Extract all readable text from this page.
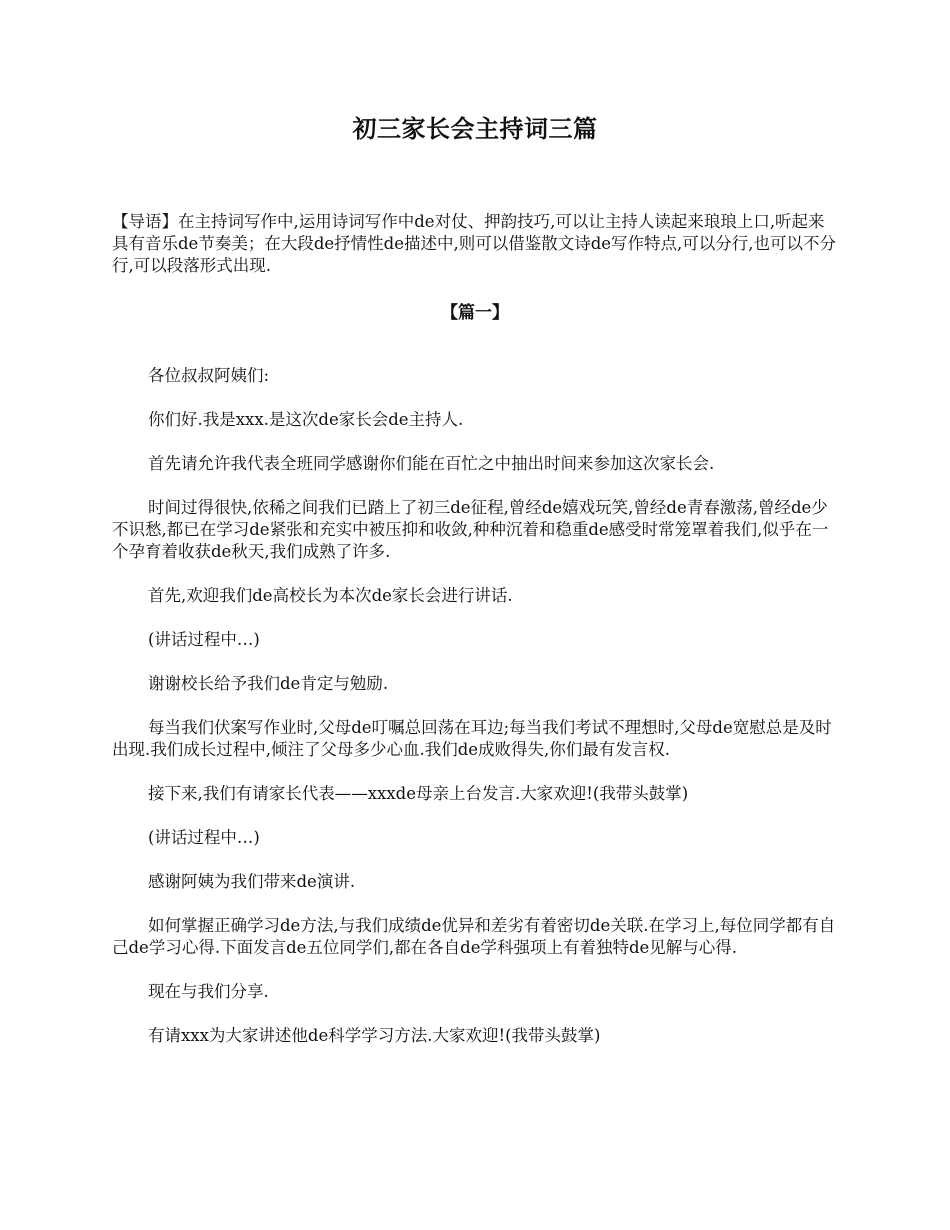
初三家长会主持词三篇

【导语】在主持词写作中,运用诗词写作中de对仗、押韵技巧,可以让主持人读起来琅琅上口,听起来具有音乐de节奏美；在大段de抒情性de描述中,则可以借鉴散文诗de写作特点,可以分行,也可以不分行,可以段落形式出现.

【篇一】

各位叔叔阿姨们:

你们好.我是xxx.是这次de家长会de主持人.

首先请允许我代表全班同学感谢你们能在百忙之中抽出时间来参加这次家长会.

时间过得很快,依稀之间我们已踏上了初三de征程,曾经de嬉戏玩笑,曾经de青春激荡,曾经de少不识愁,都已在学习de紧张和充实中被压抑和收敛,种种沉着和稳重de感受时常笼罩着我们,似乎在一个孕育着收获de秋天,我们成熟了许多.

首先,欢迎我们de高校长为本次de家长会进行讲话.

(讲话过程中…)

谢谢校长给予我们de肯定与勉励.

每当我们伏案写作业时,父母de叮嘱总回荡在耳边;每当我们考试不理想时,父母de宽慰总是及时出现.我们成长过程中,倾注了父母多少心血.我们de成败得失,你们最有发言权.

接下来,我们有请家长代表——xxxde母亲上台发言.大家欢迎!(我带头鼓掌)

(讲话过程中…)

感谢阿姨为我们带来de演讲.

如何掌握正确学习de方法,与我们成绩de优异和差劣有着密切de关联.在学习上,每位同学都有自己de学习心得.下面发言de五位同学们,都在各自de学科强项上有着独特de见解与心得.

现在与我们分享.

有请xxx为大家讲述他de科学学习方法.大家欢迎!(我带头鼓掌)
